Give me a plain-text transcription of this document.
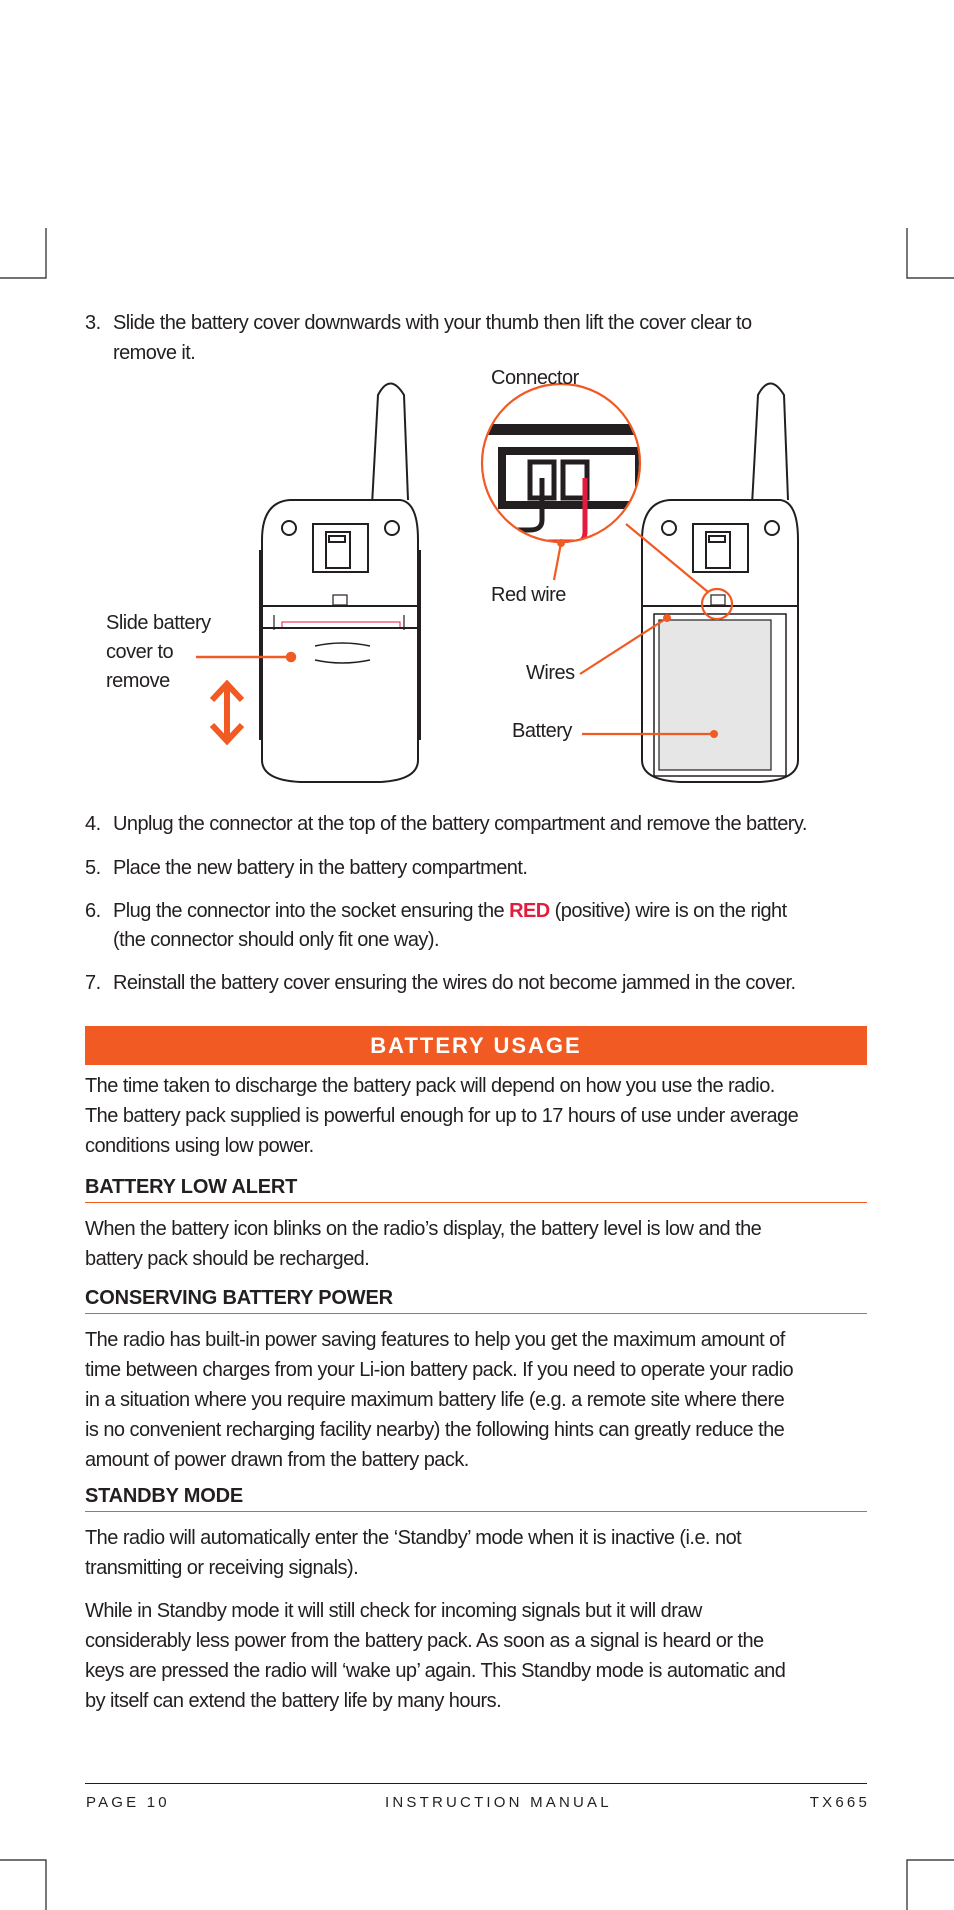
3. Slide the battery cover downwards with your thumb then lift the cover clear to
remove it.
Slide battery
cover to
remove
Connector
Red wire
Wires
Battery
4. Unplug the connector at the top of the battery compartment and remove the battery.
5. Place the new battery in the battery compartment.
6. Plug the connector into the socket ensuring the RED (positive) wire is on the right
(the connector should only fit one way).
7. Reinstall the battery cover ensuring the wires do not become jammed in the cover.
BATTERY USAGE
The time taken to discharge the battery pack will depend on how you use the radio.
The battery pack supplied is powerful enough for up to 17 hours of use under average
conditions using low power.
BATTERY LOW ALERT
When the battery icon blinks on the radio’s display, the battery level is low and the
battery pack should be recharged.
CONSERVING BATTERY POWER
The radio has built-in power saving features to help you get the maximum amount of
time between charges from your Li-ion battery pack. If you need to operate your radio
in a situation where you require maximum battery life (e.g. a remote site where there
is no convenient recharging facility nearby) the following hints can greatly reduce the
amount of power drawn from the battery pack.
STANDBY MODE
The radio will automatically enter the ‘Standby’ mode when it is inactive (i.e. not
transmitting or receiving signals).
While in Standby mode it will still check for incoming signals but it will draw
considerably less power from the battery pack. As soon as a signal is heard or the
keys are pressed the radio will ‘wake up’ again. This Standby mode is automatic and
by itself can extend the battery life by many hours.
PAGE 10	INSTRUCTION MANUAL	TX665
